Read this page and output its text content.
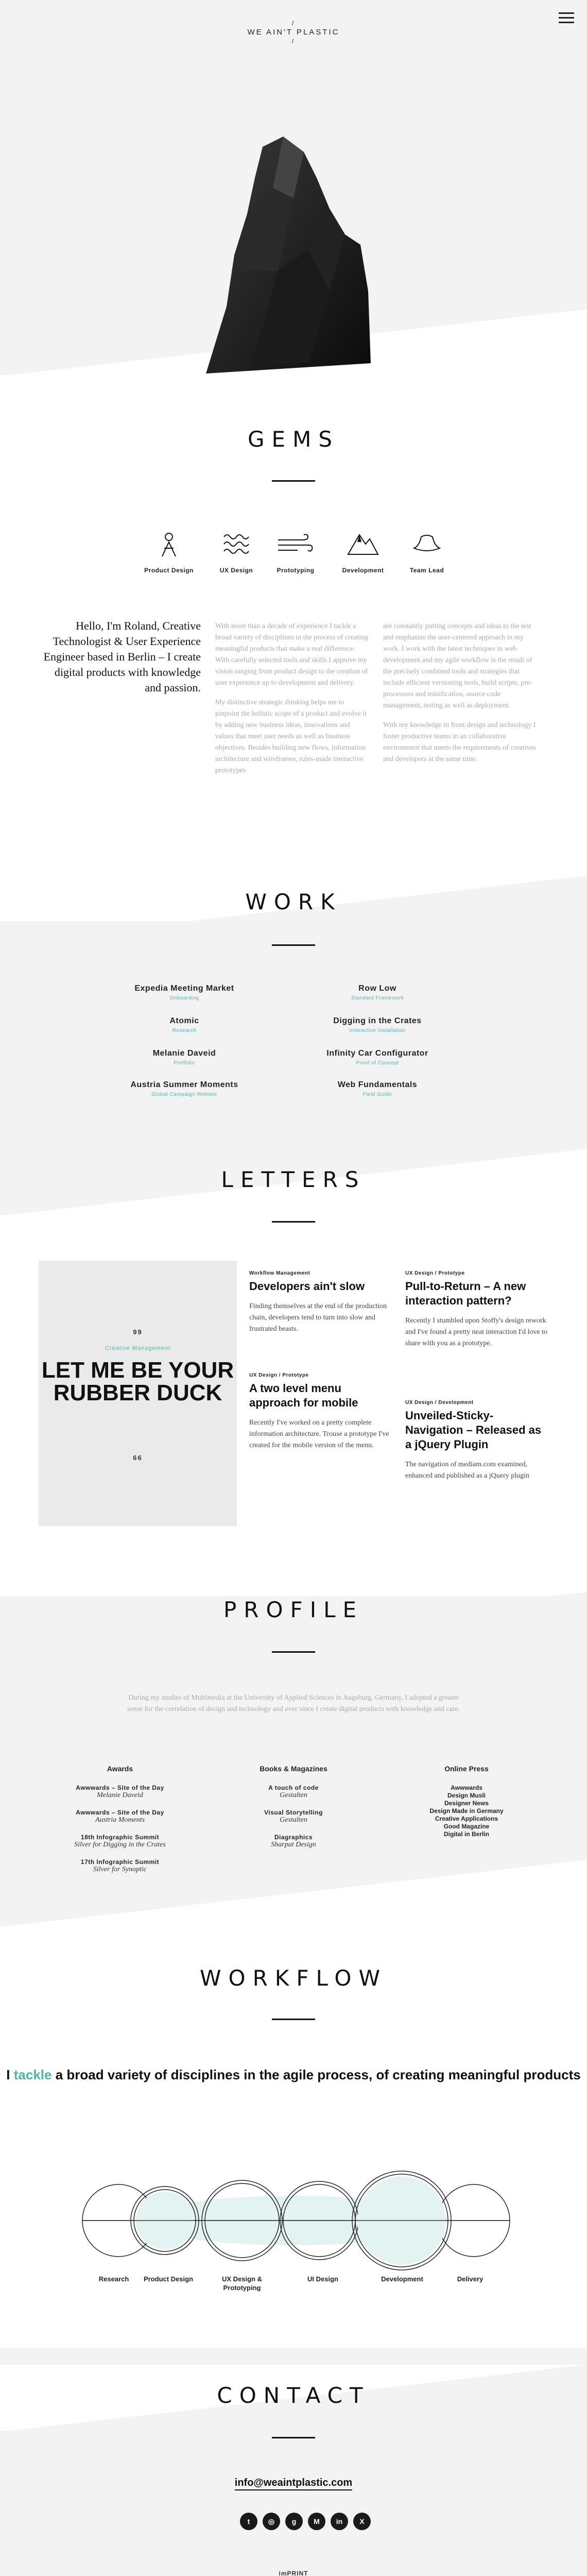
/
WE AIN'T PLASTIC
/
GEMS
Product Design	UX Design	Prototyping	Development	Team Lead
Hello, I'm Roland, Creative Technologist & User Experience Engineer based in Berlin – I create digital products with knowledge and passion.

With more than a decade of experience I tackle a broad variety of disciplines in the process of creating meaningful products that make a real difference. With carefully selected tools and skills I approve my vision ranging from product design to the creation of user experience up to development and delivery.

My distinctive strategic thinking helps me to pinpoint the holistic scope of a product and evolve it by adding new business ideas, innovations and values that meet user needs as well as business objectives. Besides building new flows, information architecture and wireframes, rules-made interactive prototypes

are constantly putting concepts and ideas to the test and emphasize the user-centered approach in my work. I work with the latest techniques in web development and my agile workflow is the result of the precisely combined tools and strategies that include efficient versioning tools, build scripts, pre-processors and minification, source code management, testing as well as deployment.

With my knowledge in front design and technology I foster productive teams in an collaborative environment that meets the requirements of creatives and developers at the same time.

WORK
Expedia Meeting Market
Onboarding
Row Low
Standard Framework
Atomic
Research
Digging in the Crates
Interactive Installation
Melanie Daveid
Portfolio
Infinity Car Configurator
Proof of Concept
Austria Summer Moments
Global Campaign Website
Web Fundamentals
Field Guide
LETTERS
99
Creative Management
LET ME BE YOUR RUBBER DUCK
66
Workflow Management
Developers ain't slow
Finding themselves at the end of the production chain, developers tend to turn into slow and frustrated beasts.
UX Design / Prototype
Pull-to-Return – A new interaction pattern?
Recently I stumbled upon Stoffy's design rework and I've found a pretty neat interaction I'd love to share with you as a prototype.
UX Design / Prototype
A two level menu approach for mobile
Recently I've worked on a pretty complete information architecture. Trouse a prototype I've created for the mobile version of the menu.
UX Design / Development
Unveiled-Sticky-Navigation – Released as a jQuery Plugin
The navigation of mediam.com examined, enhanced and published as a jQuery plugin
PROFILE
During my studies of Multimedia at the University of Applied Sciences in Augsburg, Germany, I adopted a greater sense for the correlation of design and technology and ever since I create digital products with knowledge and care.
Awards
Awwwards – Site of the Day
Melanie Daveid
Awwwards – Site of the Day
Austria Moments
18th Infographic Summit
Silver for Digging in the Crates
17th Infographic Summit
Silver for Synoptic
Books & Magazines
A touch of code
Gestalten
Visual Storytelling
Gestalten
Diagraphics
Sharpat Design
Online Press
Awwwards
Design Musli
Designer News
Design Made in Germany
Creative Applications
Good Magazine
Digital in Berlin
WORKFLOW
I tackle a broad variety of disciplines in the agile process, of creating meaningful products
Research	Product Design	UX Design & Prototyping
UI Design	Development	Delivery
CONTACT
info@weaintplastic.com
t	◎	g	M	in	X
imPRINT
